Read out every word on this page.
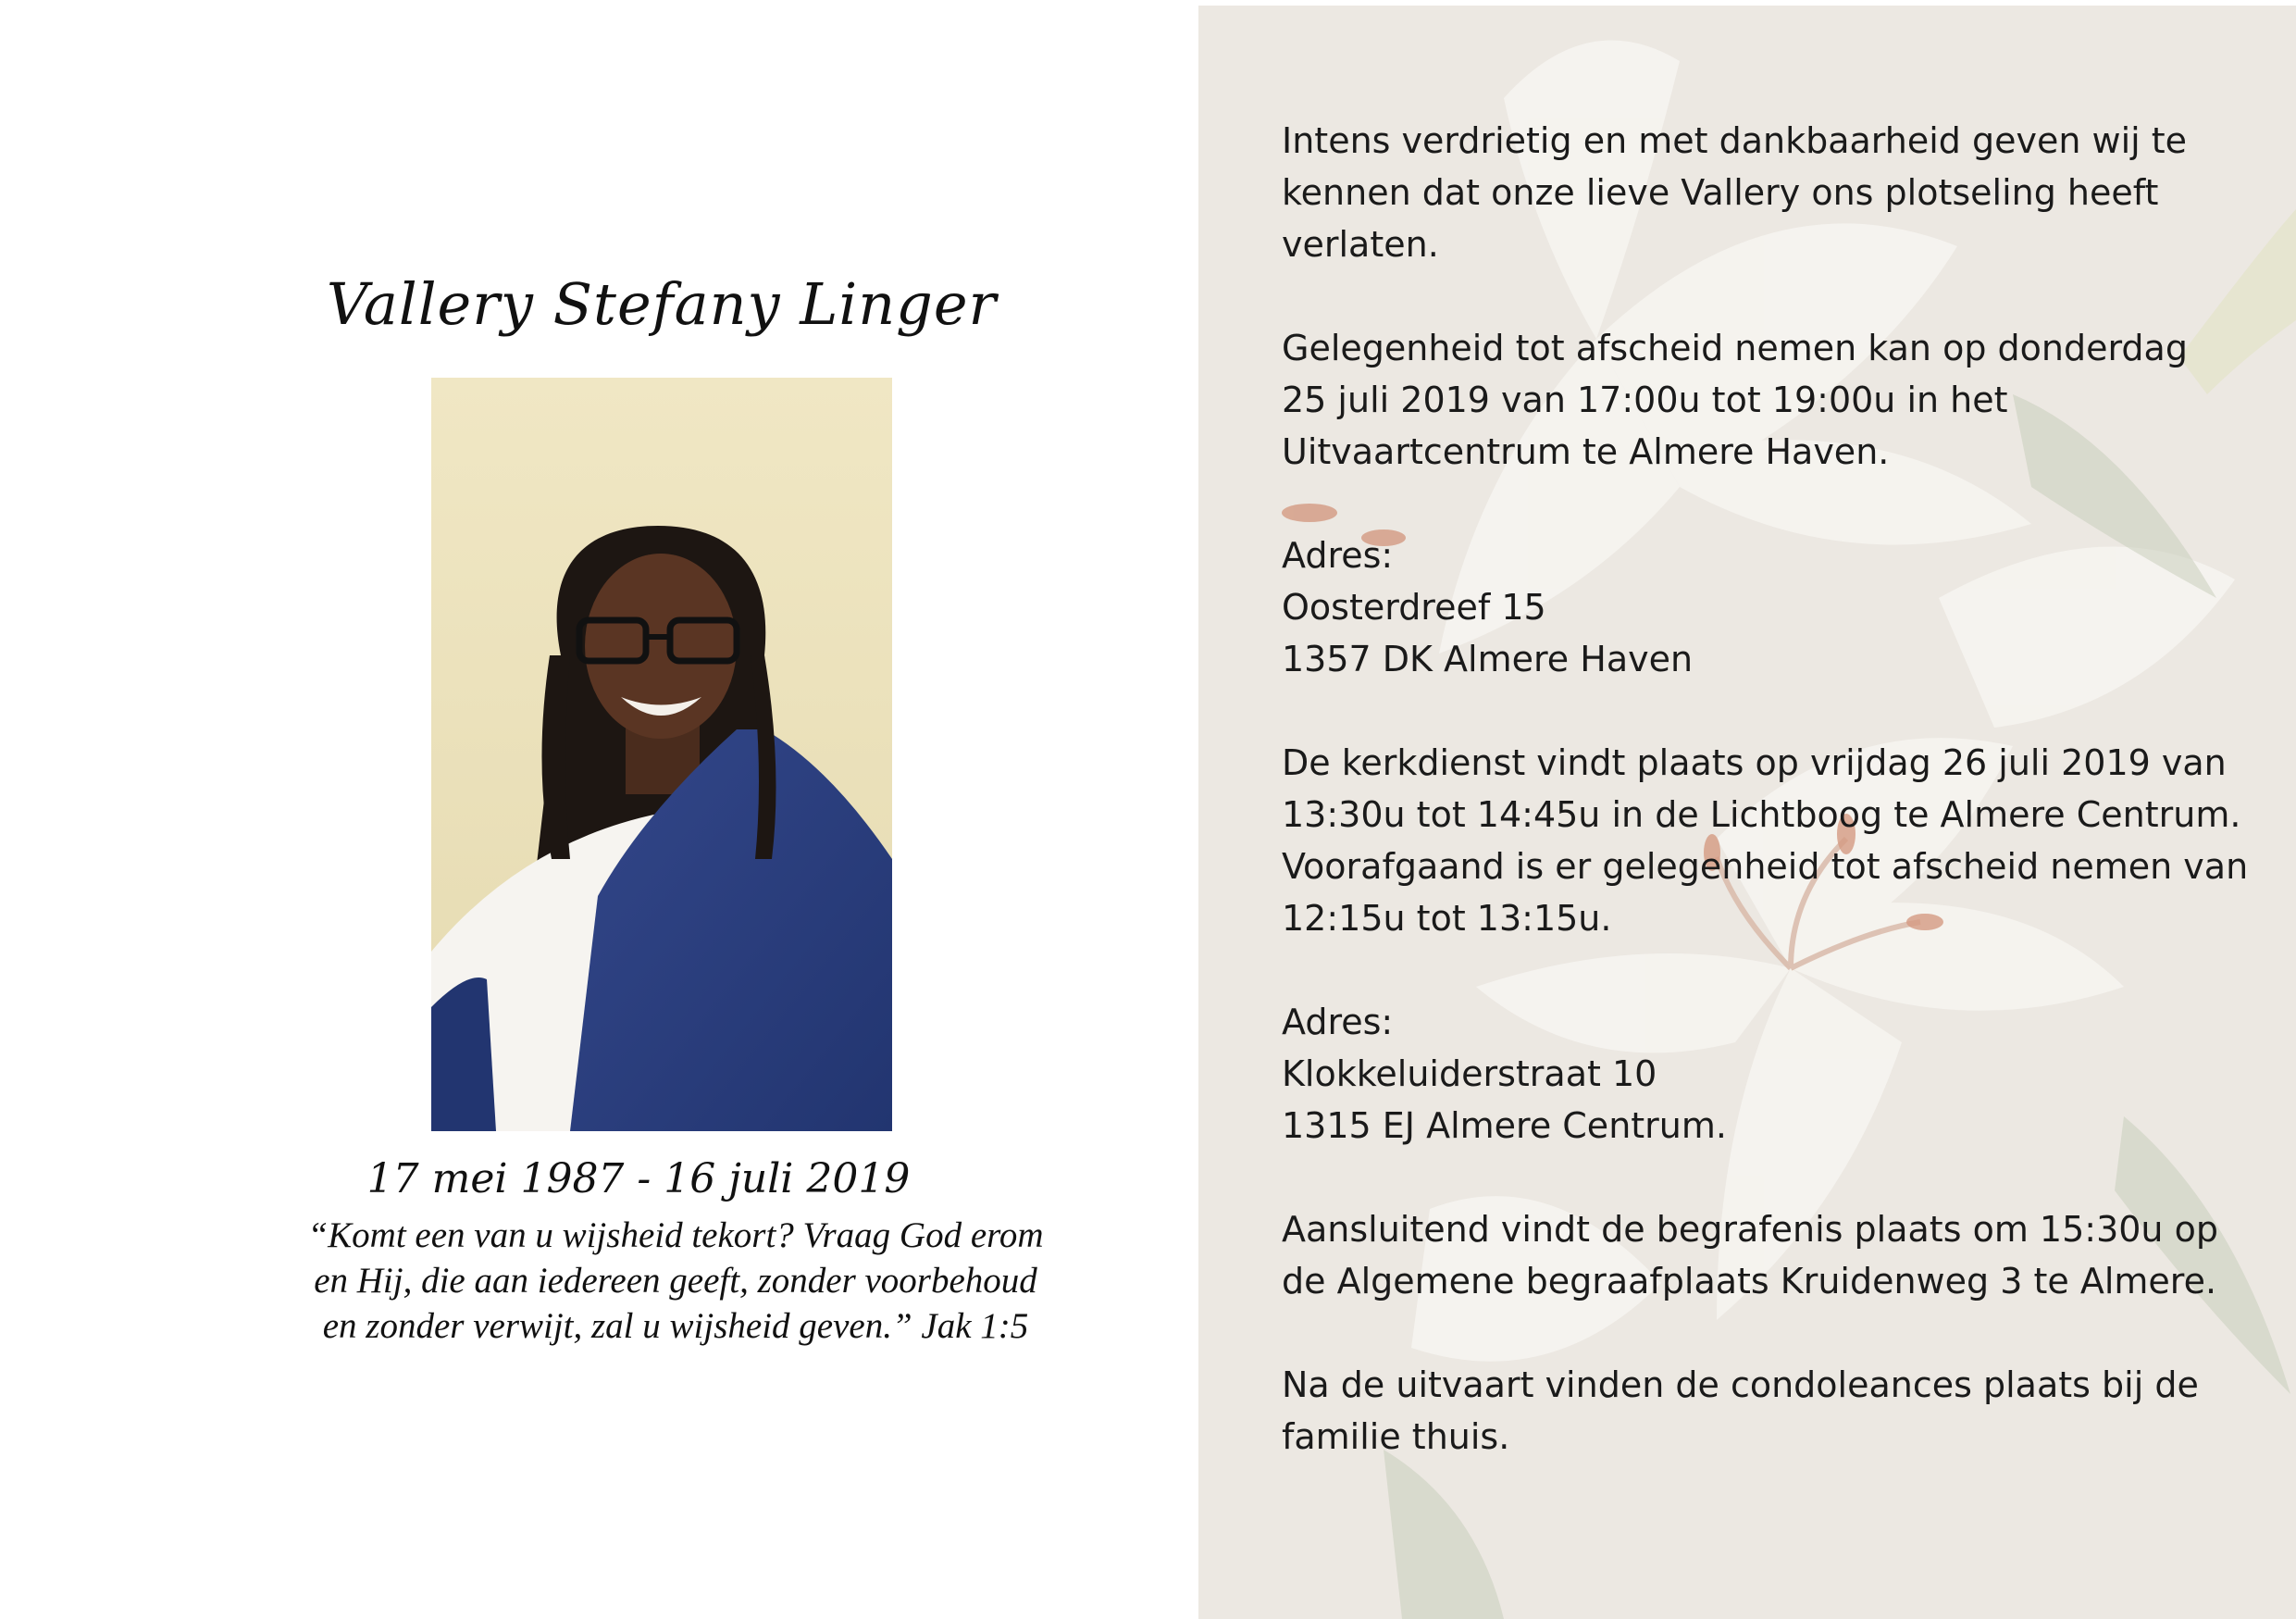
Vallery Stefany Linger
17 mei 1987 - 16 juli 2019
“Komt een van u wijsheid tekort? Vraag God erom
en Hij, die aan iedereen geeft, zonder voorbehoud
en zonder verwijt, zal u wijsheid geven.” Jak 1:5
Intens verdrietig en met dankbaarheid geven wij te
kennen dat onze lieve Vallery ons plotseling heeft
verlaten.
Gelegenheid tot afscheid nemen kan op donderdag
25 juli 2019 van 17:00u tot 19:00u in het
Uitvaartcentrum te Almere Haven.
Adres:
Oosterdreef 15
1357 DK Almere Haven
De kerkdienst vindt plaats op vrijdag 26 juli 2019 van
13:30u tot 14:45u in de Lichtboog te Almere Centrum.
Voorafgaand is er gelegenheid tot afscheid nemen van
12:15u tot 13:15u.
Adres:
Klokkeluiderstraat 10
1315 EJ Almere Centrum.
Aansluitend vindt de begrafenis plaats om 15:30u op
de Algemene begraafplaats Kruidenweg 3 te Almere.
Na de uitvaart vinden de condoleances plaats bij de
familie thuis.
